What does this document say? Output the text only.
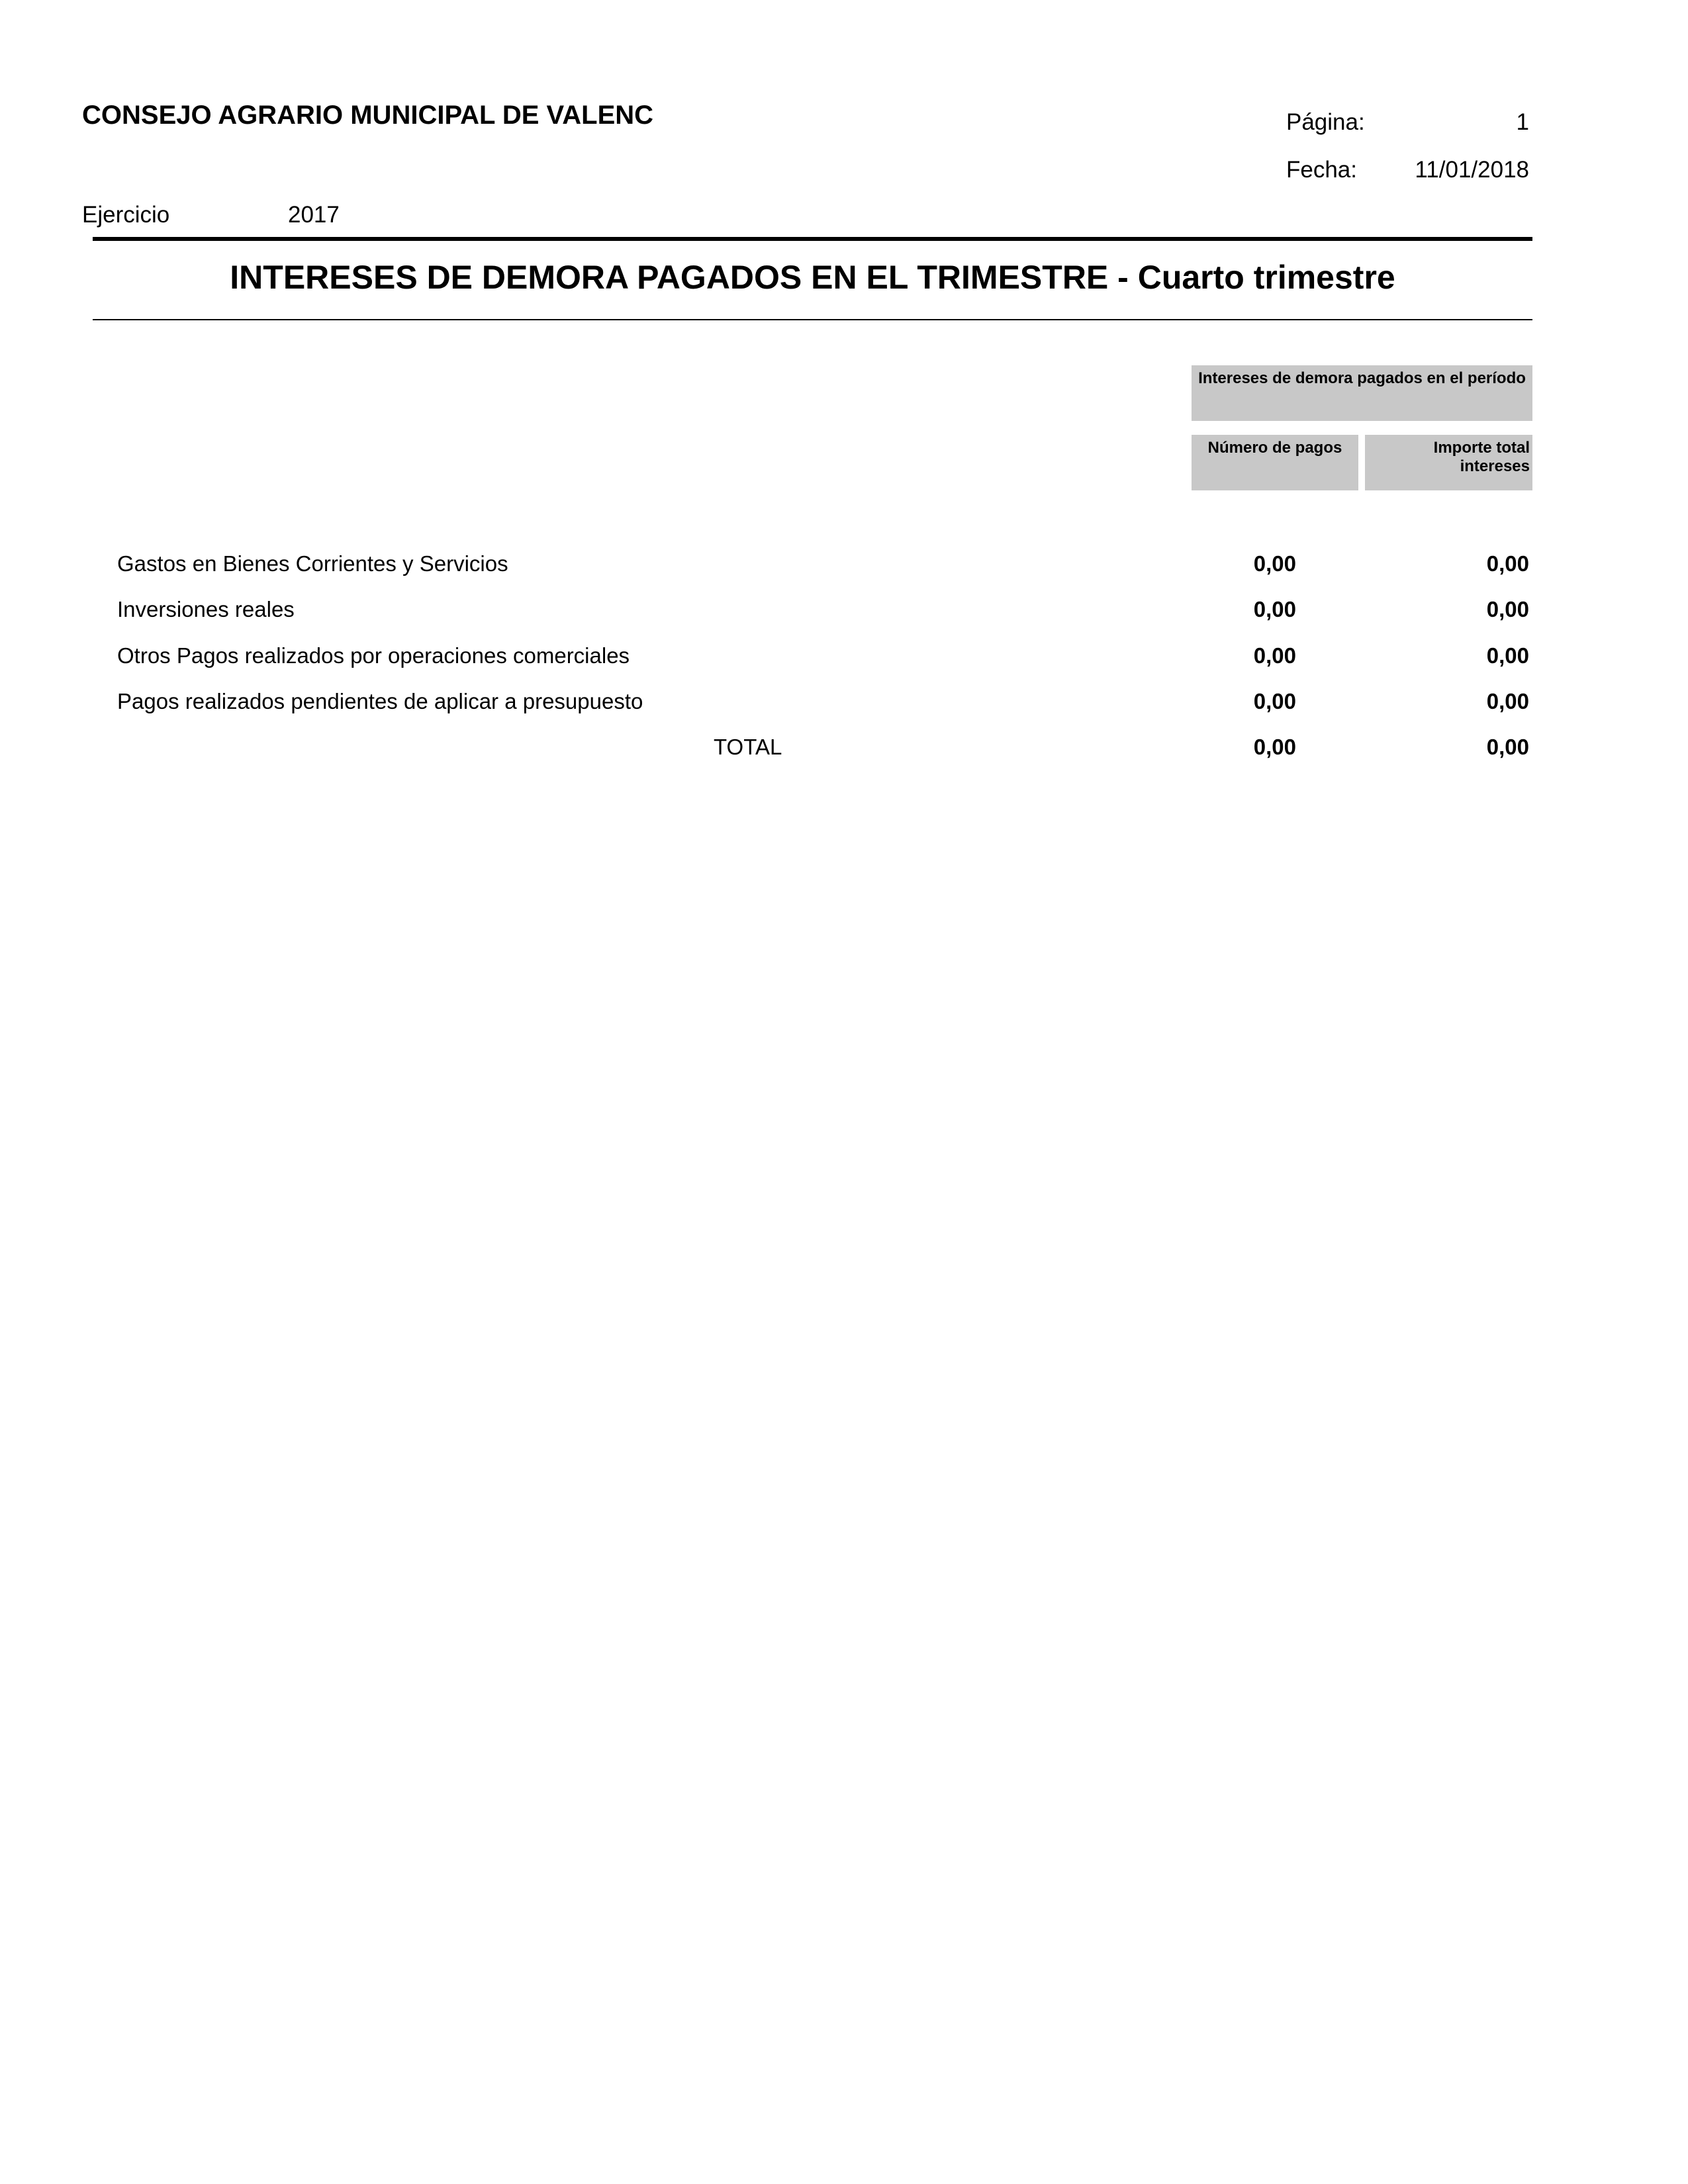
CONSEJO AGRARIO MUNICIPAL DE VALENC	Página:	1
Fecha: 11/01/2018
Ejercicio	2017
INTERESES DE DEMORA PAGADOS EN EL TRIMESTRE - Cuarto trimestre
Intereses de demora pagados en el período
Número de pagos	Importe total intereses
Gastos en Bienes Corrientes y Servicios	0,00	0,00
Inversiones reales	0,00	0,00
Otros Pagos realizados por operaciones comerciales	0,00	0,00
Pagos realizados pendientes de aplicar a presupuesto	0,00	0,00
TOTAL	0,00	0,00
